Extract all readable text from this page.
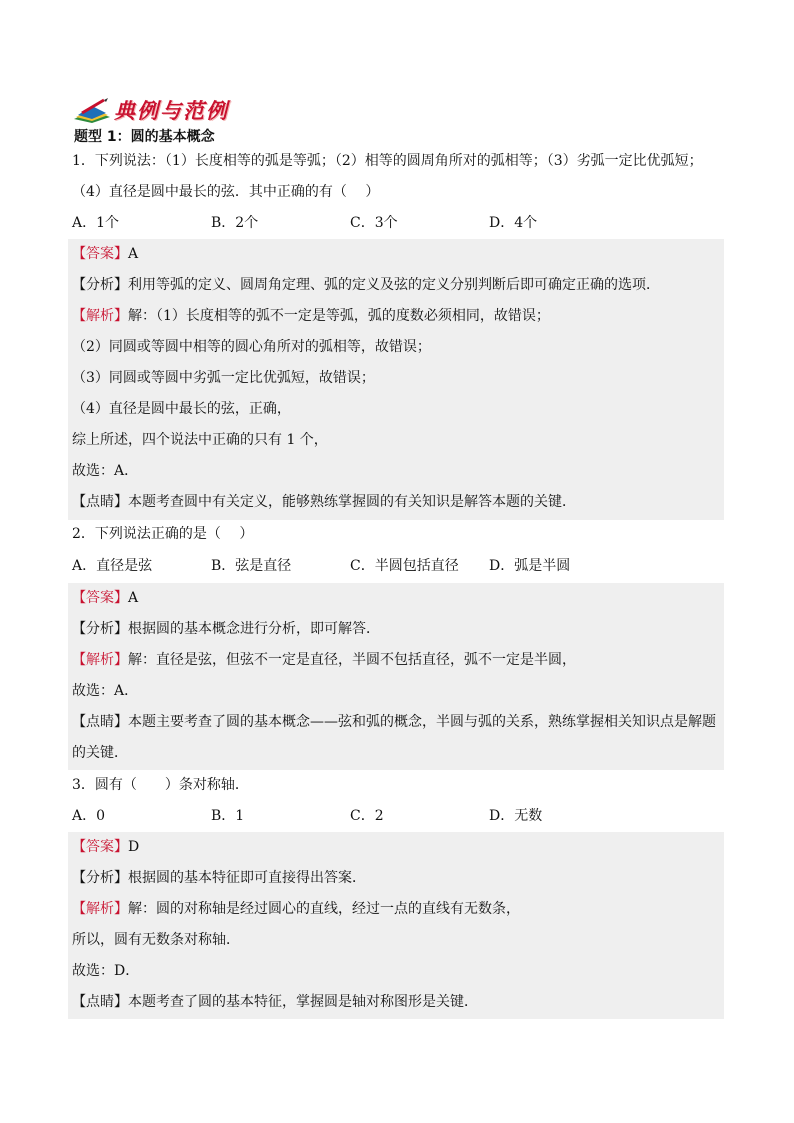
典例与范例
题型 1：圆的基本概念
1．下列说法：（1）长度相等的弧是等弧；（2）相等的圆周角所对的弧相等；（3）劣弧一定比优弧短；
（4）直径是圆中最长的弦．其中正确的有（　 ）
A．1个	B．2个	C．3个	D．4个
【答案】A
【分析】利用等弧的定义、圆周角定理、弧的定义及弦的定义分别判断后即可确定正确的选项．
【解析】解：（1）长度相等的弧不一定是等弧，弧的度数必须相同，故错误；
（2）同圆或等圆中相等的圆心角所对的弧相等，故错误；
（3）同圆或等圆中劣弧一定比优弧短，故错误；
（4）直径是圆中最长的弦，正确，
综上所述，四个说法中正确的只有 1 个，
故选：A．
【点睛】本题考查圆中有关定义，能够熟练掌握圆的有关知识是解答本题的关键．
2．下列说法正确的是（　 ）
A．直径是弦	B．弦是直径	C．半圆包括直径 D．弧是半圆
【答案】A
【分析】根据圆的基本概念进行分析，即可解答．
【解析】解：直径是弦，但弦不一定是直径，半圆不包括直径，弧不一定是半圆，
故选：A．
【点睛】本题主要考查了圆的基本概念——弦和弧的概念，半圆与弧的关系，熟练掌握相关知识点是解题
的关键．
3．圆有（　　）条对称轴．
A．0	B．1	C．2	D．无数
【答案】D
【分析】根据圆的基本特征即可直接得出答案．
【解析】解：圆的对称轴是经过圆心的直线，经过一点的直线有无数条，
所以，圆有无数条对称轴．
故选：D．
【点睛】本题考查了圆的基本特征，掌握圆是轴对称图形是关键．
